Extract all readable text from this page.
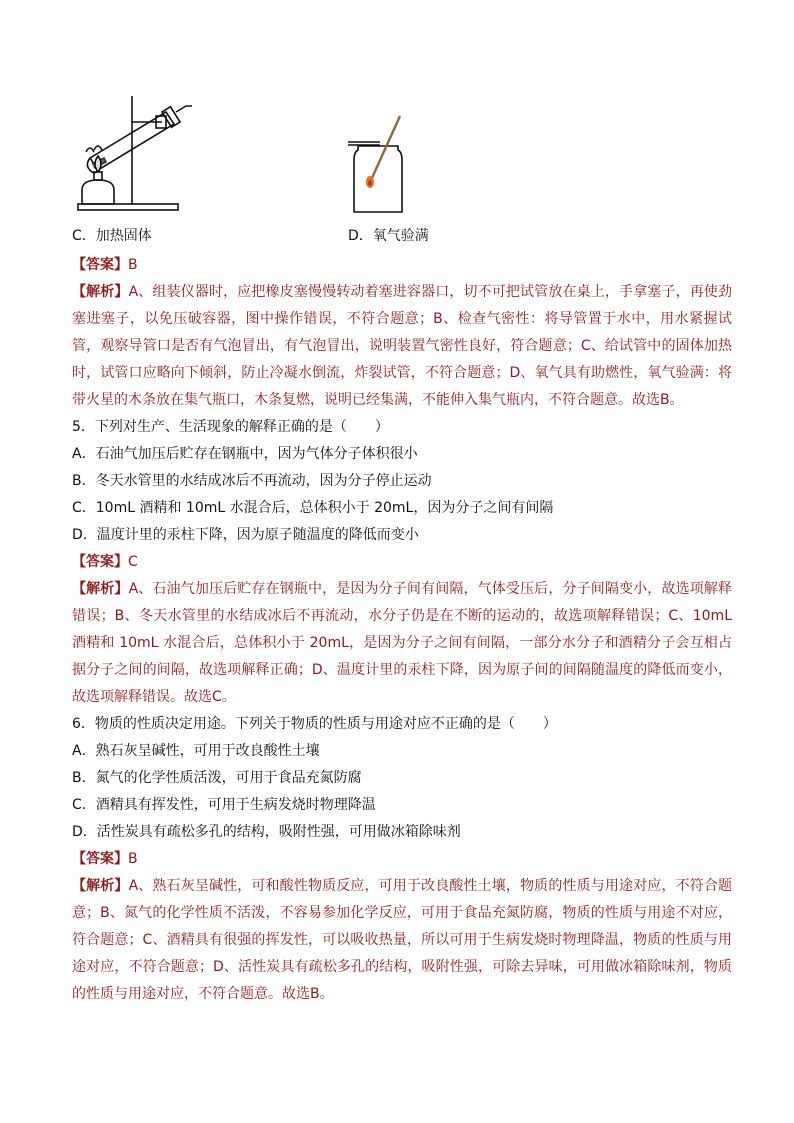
C．加热固体	D．氧气验满
【答案】B
【解析】A、组装仪器时，应把橡皮塞慢慢转动着塞进容器口，切不可把试管放在桌上，手拿塞子，再使劲塞进塞子，以免压破容器，图中操作错误，不符合题意；B、检查气密性：将导管置于水中，用水紧握试管，观察导管口是否有气泡冒出，有气泡冒出，说明装置气密性良好，符合题意；C、给试管中的固体加热时，试管口应略向下倾斜，防止冷凝水倒流，炸裂试管，不符合题意；D、氧气具有助燃性，氧气验满：将带火星的木条放在集气瓶口，木条复燃，说明已经集满，不能伸入集气瓶内，不符合题意。故选B。
5．下列对生产、生活现象的解释正确的是（　　）
A．石油气加压后贮存在钢瓶中，因为气体分子体积很小
B．冬天水管里的水结成冰后不再流动，因为分子停止运动
C．10mL 酒精和 10mL 水混合后，总体积小于 20mL，因为分子之间有间隔
D．温度计里的汞柱下降，因为原子随温度的降低而变小
【答案】C
【解析】A、石油气加压后贮存在钢瓶中，是因为分子间有间隔，气体受压后，分子间隔变小，故选项解释错误；B、冬天水管里的水结成冰后不再流动，水分子仍是在不断的运动的，故选项解释错误；C、10mL 酒精和 10mL 水混合后，总体积小于 20mL，是因为分子之间有间隔，一部分水分子和酒精分子会互相占据分子之间的间隔，故选项解释正确；D、温度计里的汞柱下降，因为原子间的间隔随温度的降低而变小，故选项解释错误。故选C。
6．物质的性质决定用途。下列关于物质的性质与用途对应不正确的是（　　）
A．熟石灰呈碱性，可用于改良酸性土壤
B．氮气的化学性质活泼，可用于食品充氮防腐
C．酒精具有挥发性，可用于生病发烧时物理降温
D．活性炭具有疏松多孔的结构，吸附性强，可用做冰箱除味剂
【答案】B
【解析】A、熟石灰呈碱性，可和酸性物质反应，可用于改良酸性土壤，物质的性质与用途对应，不符合题意；B、氮气的化学性质不活泼，不容易参加化学反应，可用于食品充氮防腐，物质的性质与用途不对应，符合题意；C、酒精具有很强的挥发性，可以吸收热量，所以可用于生病发烧时物理降温，物质的性质与用途对应，不符合题意；D、活性炭具有疏松多孔的结构，吸附性强，可除去异味，可用做冰箱除味剂，物质的性质与用途对应，不符合题意。故选B。
